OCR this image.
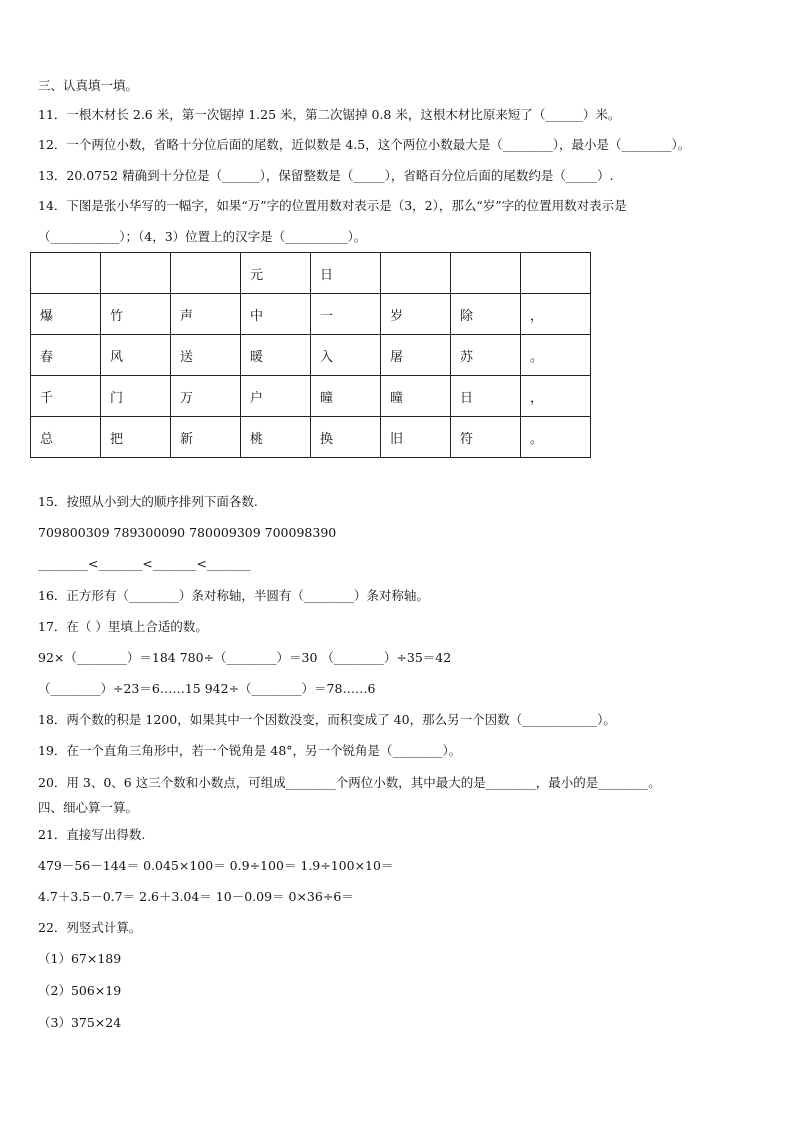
三、认真填一填。
11．一根木材长 2.6 米，第一次锯掉 1.25 米，第二次锯掉 0.8 米，这根木材比原来短了（______）米。
12．一个两位小数，省略十分位后面的尾数，近似数是 4.5，这个两位小数最大是（________），最小是（________）。
13．20.0752 精确到十分位是（______），保留整数是（_____），省略百分位后面的尾数约是（_____）.
14．下图是张小华写的一幅字，如果“万”字的位置用数对表示是（3，2），那么“岁”字的位置用数对表示是
（___________）；（4，3）位置上的汉字是（__________）。
			元	日			
爆	竹	声	中	一	岁	除	，
春	风	送	暖	入	屠	苏	。
千	门	万	户	曈	曈	日	，
总	把	新	桃	换	旧	符	。
15．按照从小到大的顺序排列下面各数.
709800309 789300090 780009309 700098390
________<_______<_______<_______
16．正方形有（________）条对称轴，半圆有（________）条对称轴。
17．在（ ）里填上合适的数。
92×（________）＝184 780÷（________）＝30 （________）÷35＝42
（________）÷23＝6……15 942÷（________）＝78……6
18．两个数的积是 1200，如果其中一个因数没变，而积变成了 40，那么另一个因数（____________）。
19．在一个直角三角形中，若一个锐角是 48°，另一个锐角是（________）。
20．用 3、0、6 这三个数和小数点，可组成________个两位小数，其中最大的是________，最小的是________。
四、细心算一算。
21．直接写出得数.
479－56－144＝ 0.045×100＝ 0.9÷100＝ 1.9÷100×10＝
4.7＋3.5－0.7＝ 2.6＋3.04＝ 10－0.09＝ 0×36÷6＝
22．列竖式计算。
（1）67×189
（2）506×19
（3）375×24
